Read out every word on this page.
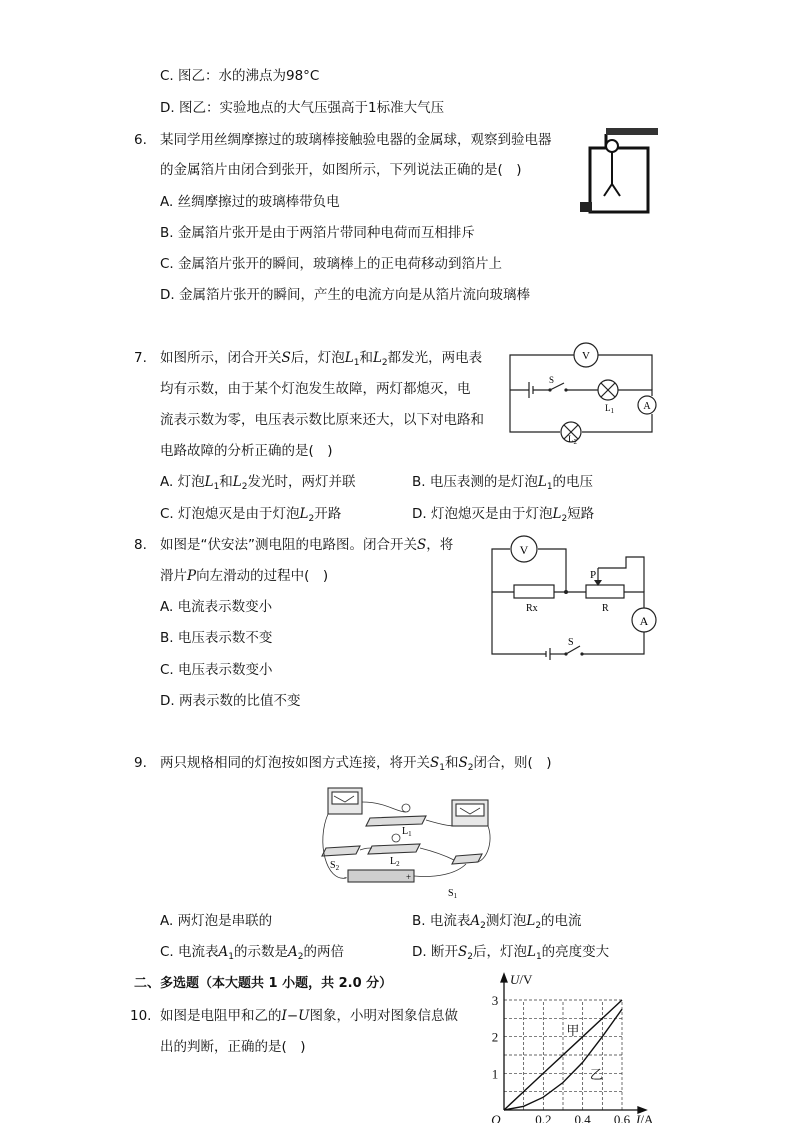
C. 图乙：水的沸点为98°C
D. 图乙：实验地点的大气压强高于1标准大气压
6. 某同学用丝绸摩擦过的玻璃棒接触验电器的金属球，观察到验电器
的金属箔片由闭合到张开，如图所示，下列说法正确的是(　)
A. 丝绸摩擦过的玻璃棒带负电
B. 金属箔片张开是由于两箔片带同种电荷而互相排斥
C. 金属箔片张开的瞬间，玻璃棒上的正电荷移动到箔片上
D. 金属箔片张开的瞬间，产生的电流方向是从箔片流向玻璃棒
7. 如图所示，闭合开关S后，灯泡$L_1$和$L_2$都发光，两电表
均有示数，由于某个灯泡发生故障，两灯都熄灭，电
流表示数为零，电压表示数比原来还大，以下对电路和
电路故障的分析正确的是(　)
A. 灯泡$L_1$和$L_2$发光时，两灯并联	B. 电压表测的是灯泡$L_1$的电压
C. 灯泡熄灭是由于灯泡$L_2$开路	D. 灯泡熄灭是由于灯泡$L_2$短路
V
A
S
$L_1$
$L_2$
8. 如图是“伏安法”测电阻的电路图。闭合开关S，将
滑片P向左滑动的过程中(　)
A. 电流表示数变小
B. 电压表示数不变
C. 电压表示数变小
D. 两表示数的比值不变
V
A
P
Rx	R
S
9. 两只规格相同的灯泡按如图方式连接，将开关$S_1$和$S_2$闭合，则(　)
$L_1$
$L_2$
$S_2$
$S_1$
+
-
A. 两灯泡是串联的	B. 电流表$A_2$测灯泡$L_2$的电流
C. 电流表$A_1$的示数是$A_2$的两倍	D. 断开$S_2$后，灯泡$L_1$的亮度变大
二、多选题（本大题共 1 小题，共 2.0 分）
10. 如图是电阻甲和乙的I−U图象，小明对图象信息做
出的判断，正确的是(　)
I/A
U/V
O	0.2 0.4 0.6
1
2
3
甲
乙
